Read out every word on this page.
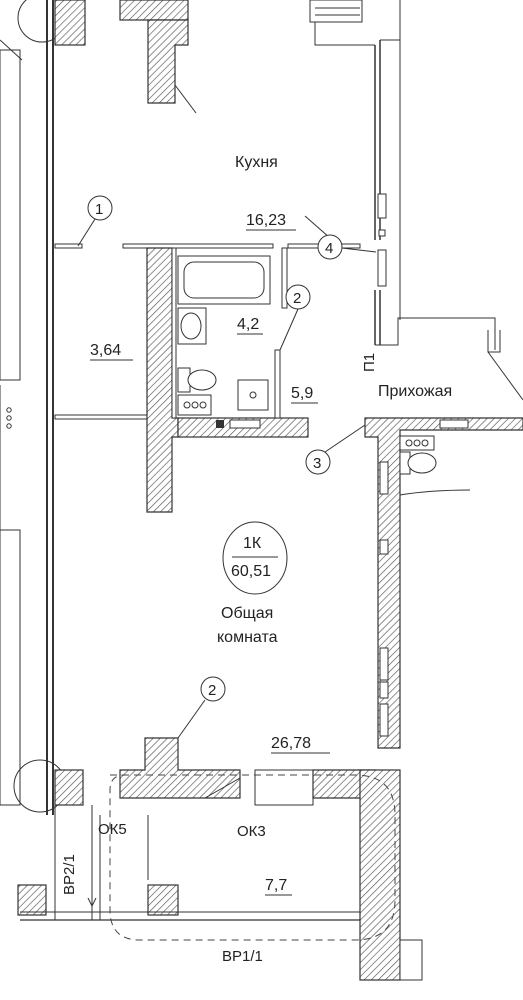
Кухня
16,23
4,2
3,64
5,9	Прихожая
1К
60,51
Общая
комната
26,78
7,7
1
2
3
4
2
ОК5	ОК3
ВР1/1
ВР2/1
П1
